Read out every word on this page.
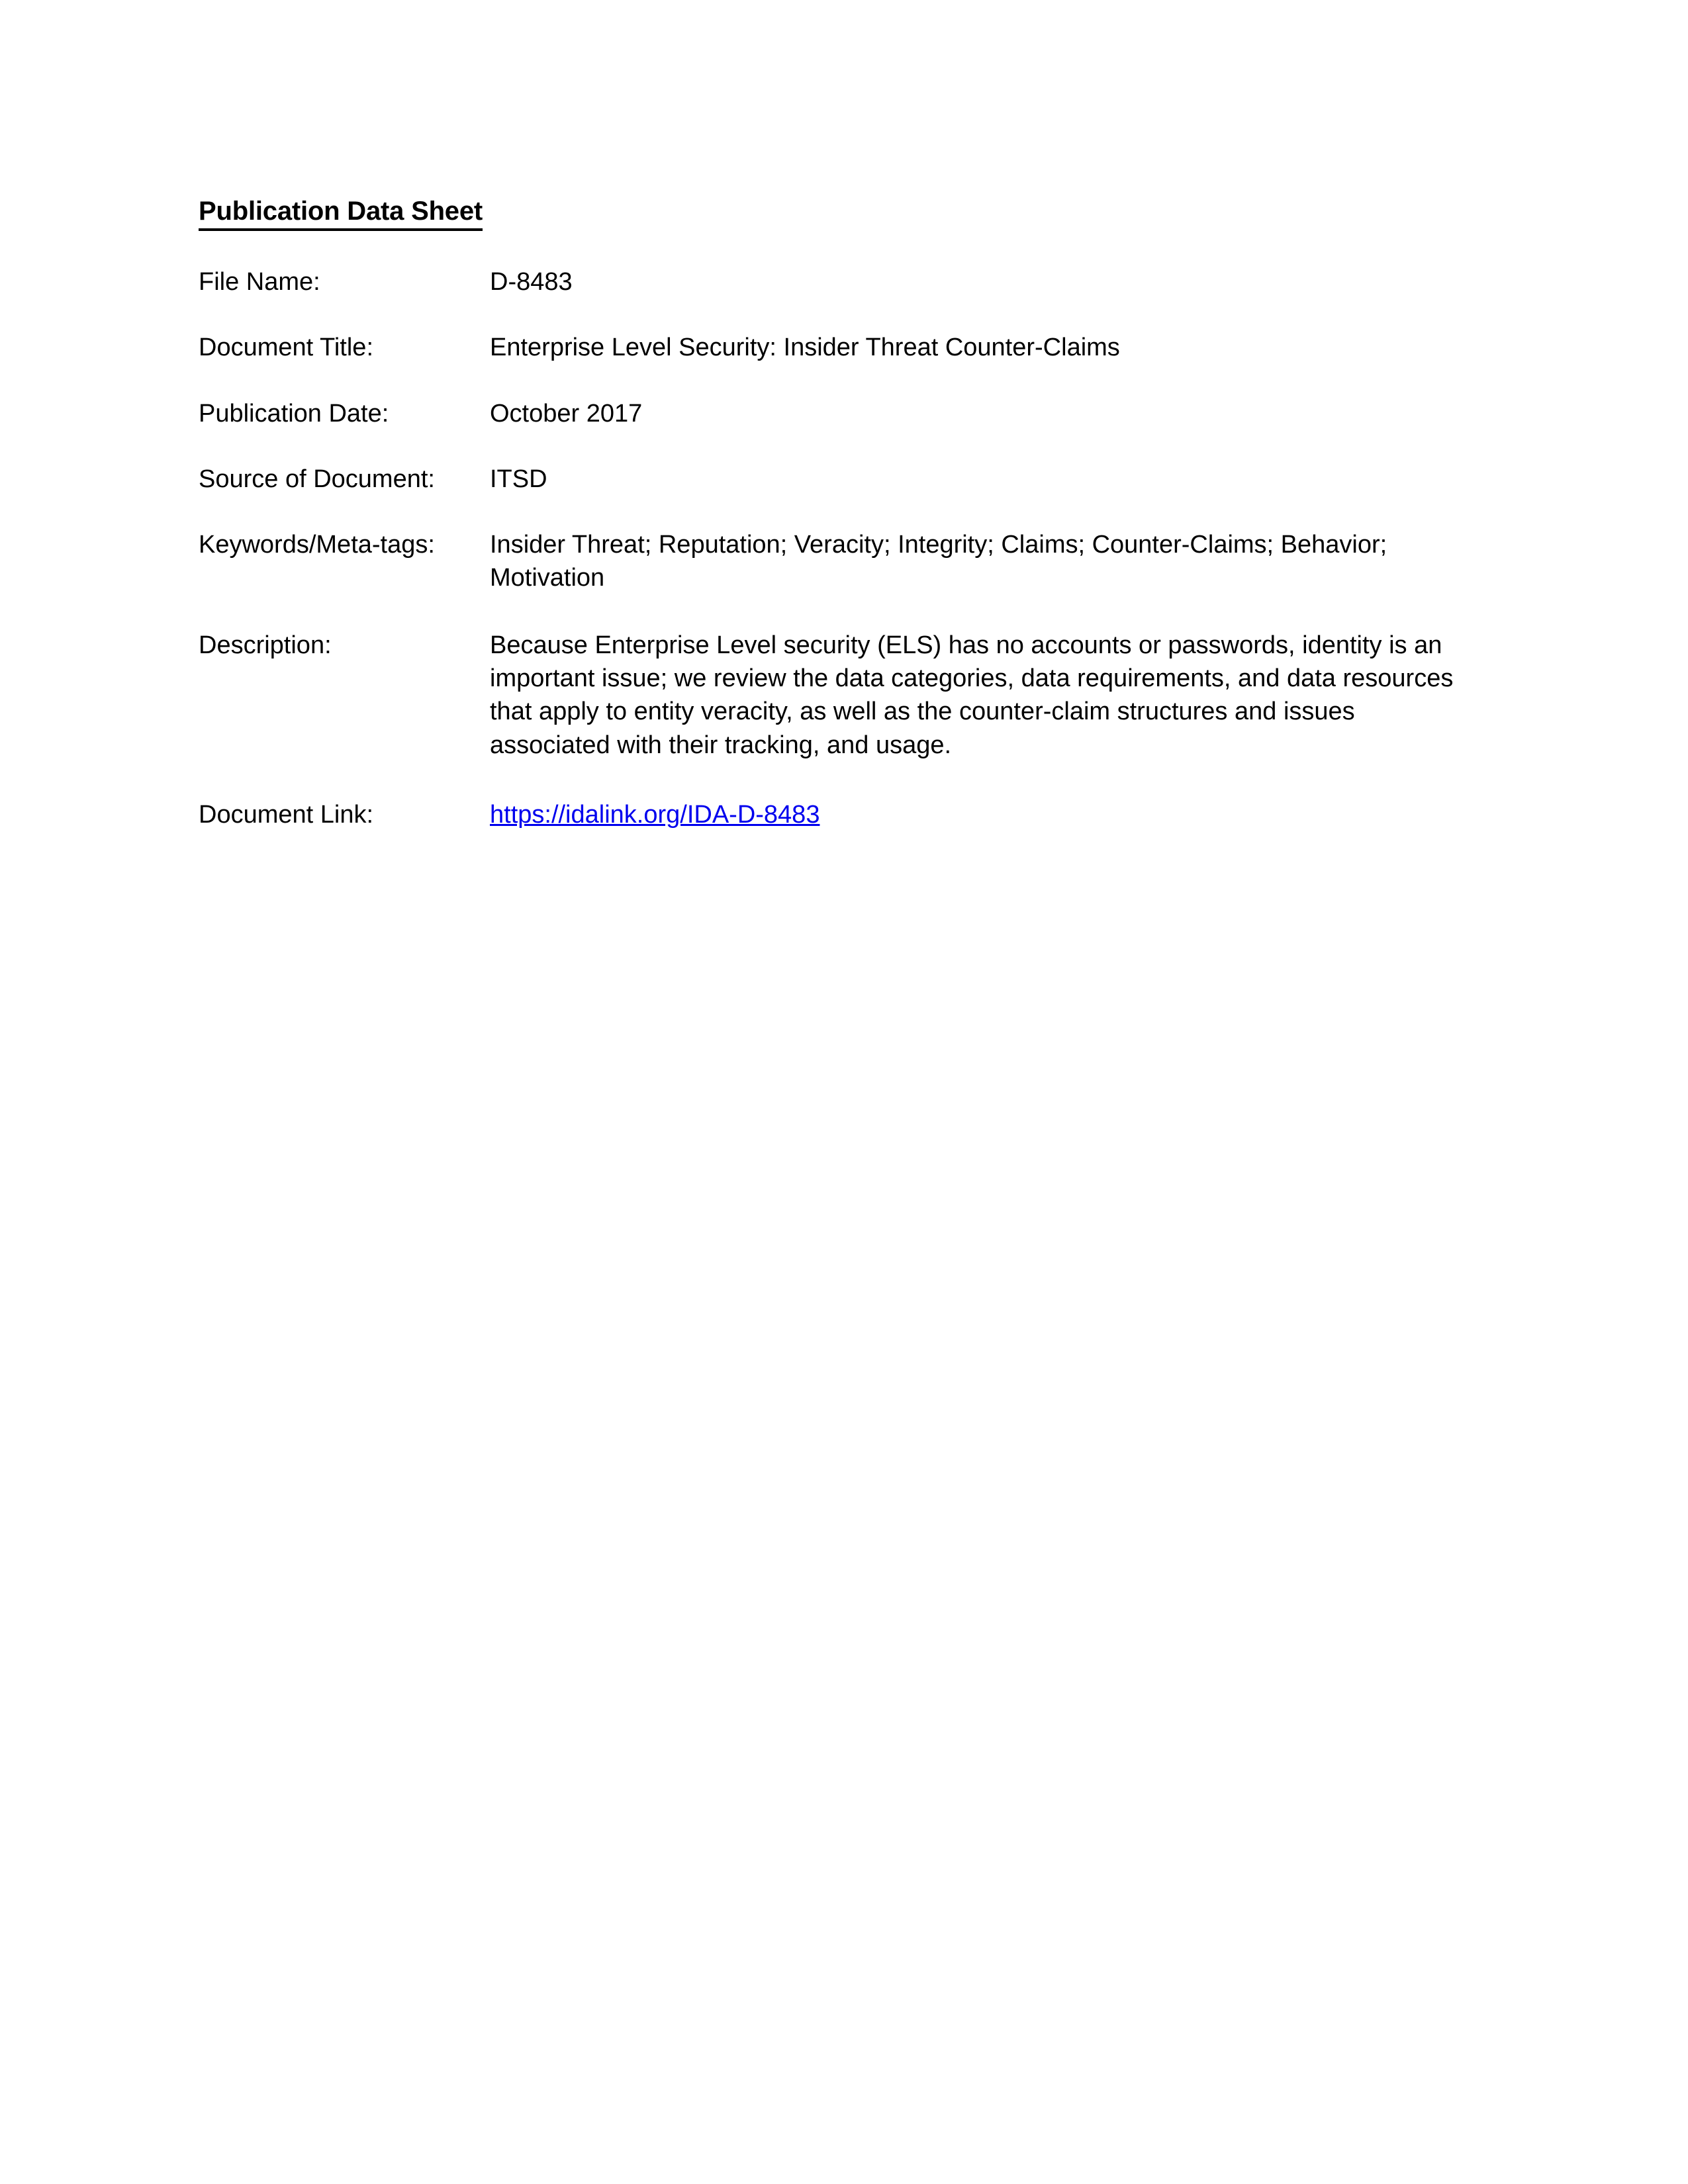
Publication Data Sheet
File Name:	D-8483
Document Title:	Enterprise Level Security: Insider Threat Counter-Claims
Publication Date:	October 2017
Source of Document:	ITSD
Keywords/Meta-tags:	Insider Threat; Reputation; Veracity; Integrity; Claims; Counter-Claims; Behavior; Motivation
Description:	Because Enterprise Level security (ELS) has no accounts or passwords, identity is an important issue; we review the data categories, data requirements, and data resources that apply to entity veracity, as well as the counter-claim structures and issues associated with their tracking, and usage.
Document Link:	https://idalink.org/IDA-D-8483
